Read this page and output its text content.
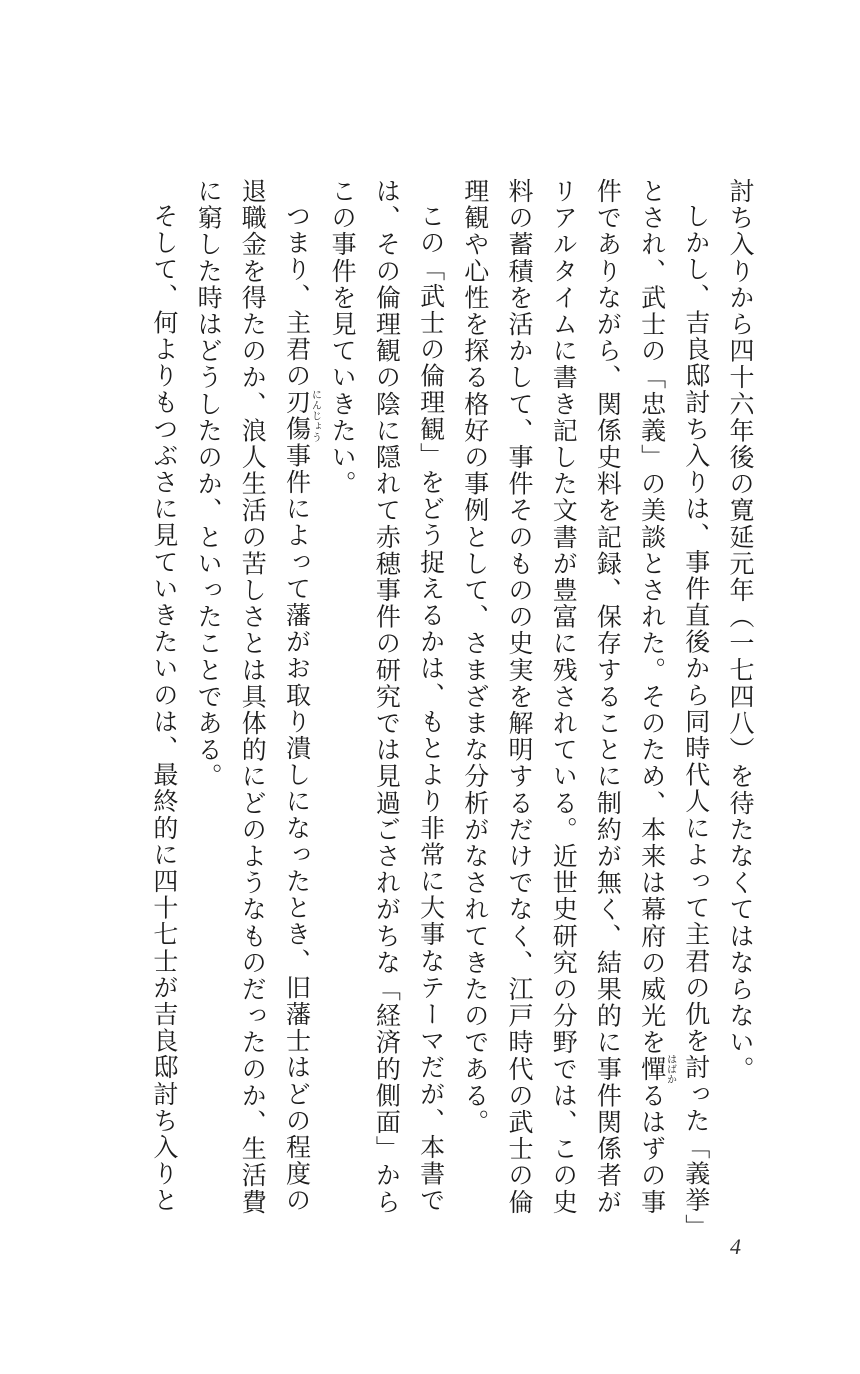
討ち入りから四十六年後の寛延元年（一七四八）を待たなくてはならない。

しかし、吉良邸討ち入りは、事件直後から同時代人によって主君の仇を討った「義挙」とされ、武士の「忠義」の美談とされた。そのため、本来は幕府の威光を憚はばかるはずの事件でありながら、関係史料を記録、保存することに制約が無く、結果的に事件関係者がリアルタイムに書き記した文書が豊富に残されている。近世史研究の分野では、この史料の蓄積を活かして、事件そのものの史実を解明するだけでなく、江戸時代の武士の倫理観や心性を探る格好の事例として、さまざまな分析がなされてきたのである。

この「武士の倫理観」をどう捉えるかは、もとより非常に大事なテーマだが、本書では、その倫理観の陰に隠れて赤穂事件の研究では見過ごされがちな「経済的側面」からこの事件を見ていきたい。

つまり、主君の刃傷にんじょう事件によって藩がお取り潰しになったとき、旧藩士はどの程度の退職金を得たのか、浪人生活の苦しさとは具体的にどのようなものだったのか、生活費に窮した時はどうしたのか、といったことである。

そして、何よりもつぶさに見ていきたいのは、最終的に四十七士が吉良邸討ち入りと

4
